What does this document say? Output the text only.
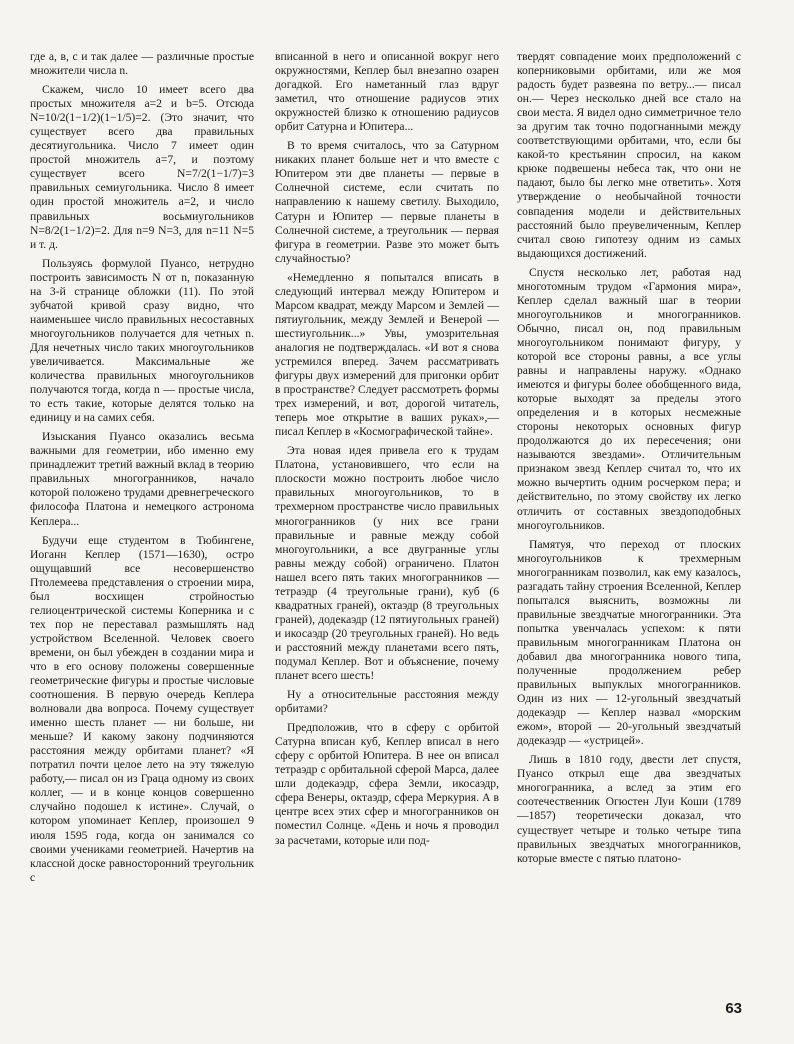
где a, в, c и так далее — различные простые множители числа n.

Скажем, число 10 имеет всего два простых множителя a=2 и b=5. Отсюда N=10/2(1−1/2)(1−1/5)=2. (Это значит, что существует всего два правильных десятиугольника. Число 7 имеет один простой множитель a=7, и поэтому существует всего N=7/2(1−1/7)=3 правильных семиугольника. Число 8 имеет один простой множитель a=2, и число правильных восьмиугольников N=8/2(1−1/2)=2. Для n=9 N=3, для n=11 N=5 и т. д.

Пользуясь формулой Пуансо, нетрудно построить зависимость N от n, показанную на 3-й странице обложки (11). По этой зубчатой кривой сразу видно, что наименьшее число правильных несоставных многоугольников получается для четных n. Для нечетных число таких многоугольников увеличивается. Максимальные же количества правильных многоугольников получаются тогда, когда n — простые числа, то есть такие, которые делятся только на единицу и на самих себя.

Изыскания Пуансо оказались весьма важными для геометрии, ибо именно ему принадлежит третий важный вклад в теорию правильных многогранников, начало которой положено трудами древнегреческого философа Платона и немецкого астронома Кеплера...

Будучи еще студентом в Тюбингене, Иоганн Кеплер (1571—1630), остро ощущавший все несовершенство Птолемеева представления о строении мира, был восхищен стройностью гелиоцентрической системы Коперника и с тех пор не переставал размышлять над устройством Вселенной. Человек своего времени, он был убежден в создании мира и что в его основу положены совершенные геометрические фигуры и простые числовые соотношения. В первую очередь Кеплера волновали два вопроса. Почему существует именно шесть планет — ни больше, ни меньше? И какому закону подчиняются расстояния между орбитами планет? «Я потратил почти целое лето на эту тяжелую работу,— писал он из Граца одному из своих коллег, — и в конце концов совершенно случайно подошел к истине». Случай, о котором упоминает Кеплер, произошел 9 июля 1595 года, когда он занимался со своими учениками геометрией. Начертив на классной доске равносторонний треугольник с

вписанной в него и описанной вокруг него окружностями, Кеплер был внезапно озарен догадкой. Его наметанный глаз вдруг заметил, что отношение радиусов этих окружностей близко к отношению радиусов орбит Сатурна и Юпитера...

В то время считалось, что за Сатурном никаких планет больше нет и что вместе с Юпитером эти две планеты — первые в Солнечной системе, если считать по направлению к нашему светилу. Выходило, Сатурн и Юпитер — первые планеты в Солнечной системе, а треугольник — первая фигура в геометрии. Разве это может быть случайностью?

«Немедленно я попытался вписать в следующий интервал между Юпитером и Марсом квадрат, между Марсом и Землей — пятиугольник, между Землей и Венерой — шестиугольник...» Увы, умозрительная аналогия не подтверждалась. «И вот я снова устремился вперед. Зачем рассматривать фигуры двух измерений для пригонки орбит в пространстве? Следует рассмотреть формы трех измерений, и вот, дорогой читатель, теперь мое открытие в ваших руках»,— писал Кеплер в «Космографической тайне».

Эта новая идея привела его к трудам Платона, установившего, что если на плоскости можно построить любое число правильных многоугольников, то в трехмерном пространстве число правильных многогранников (у них все грани правильные и равные между собой многоугольники, а все двугранные углы равны между собой) ограничено. Платон нашел всего пять таких многогранников — тетраэдр (4 треугольные грани), куб (6 квадратных граней), октаэдр (8 треугольных граней), додекаэдр (12 пятиугольных граней) и икосаэдр (20 треугольных граней). Но ведь и расстояний между планетами всего пять, подумал Кеплер. Вот и объяснение, почему планет всего шесть!

Ну а относительные расстояния между орбитами?

Предположив, что в сферу с орбитой Сатурна вписан куб, Кеплер вписал в него сферу с орбитой Юпитера. В нее он вписал тетраэдр с орбитальной сферой Марса, далее шли додекаэдр, сфера Земли, икосаэдр, сфера Венеры, октаэдр, сфера Меркурия. А в центре всех этих сфер и многогранников он поместил Солнце. «День и ночь я проводил за расчетами, которые или под-

твердят совпадение моих предположений с коперниковыми орбитами, или же моя радость будет развеяна по ветру...— писал он.— Через несколько дней все стало на свои места. Я видел одно симметричное тело за другим так точно подогнанными между соответствующими орбитами, что, если бы какой-то крестьянин спросил, на каком крюке подвешены небеса так, что они не падают, было бы легко мне ответить». Хотя утверждение о необычайной точности совпадения модели и действительных расстояний было преувеличенным, Кеплер считал свою гипотезу одним из самых выдающихся достижений.

Спустя несколько лет, работая над многотомным трудом «Гармония мира», Кеплер сделал важный шаг в теории многоугольников и многогранников. Обычно, писал он, под правильным многоугольником понимают фигуру, у которой все стороны равны, а все углы равны и направлены наружу. «Однако имеются и фигуры более обобщенного вида, которые выходят за пределы этого определения и в которых несмежные стороны некоторых основных фигур продолжаются до их пересечения; они называются звездами». Отличительным признаком звезд Кеплер считал то, что их можно вычертить одним росчерком пера; и действительно, по этому свойству их легко отличить от составных звездоподобных многоугольников.

Памятуя, что переход от плоских многоугольников к трехмерным многогранникам позволил, как ему казалось, разгадать тайну строения Вселенной, Кеплер попытался выяснить, возможны ли правильные звездчатые многогранники. Эта попытка увенчалась успехом: к пяти правильным многогранникам Платона он добавил два многогранника нового типа, полученные продолжением ребер правильных выпуклых многогранников. Один из них — 12-угольный звездчатый додекаэдр — Кеплер назвал «морским ежом», второй — 20-угольный звездчатый додекаэдр — «устрицей».

Лишь в 1810 году, двести лет спустя, Пуансо открыл еще два звездчатых многогранника, а вслед за этим его соотечественник Огюстен Луи Коши (1789—1857) теоретически доказал, что существует четыре и только четыре типа правильных звездчатых многогранников, которые вместе с пятью платоно-

63
